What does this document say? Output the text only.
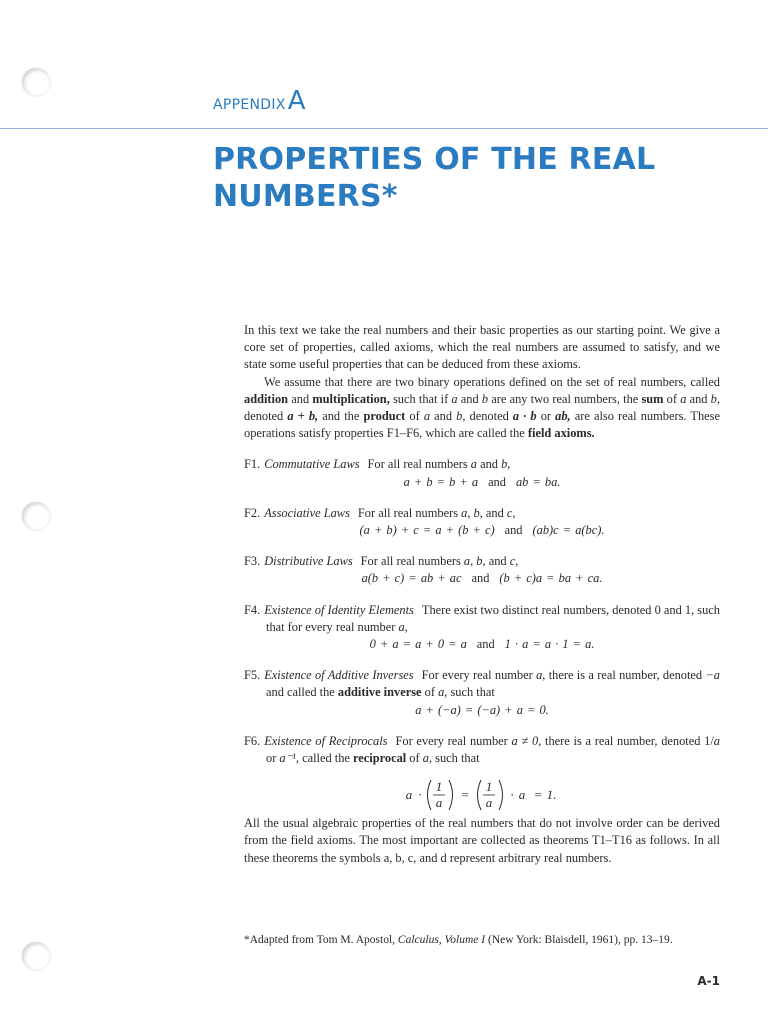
APPENDIXA
PROPERTIES OF THE REAL
NUMBERS*

In this text we take the real numbers and their basic properties as our starting point. We give a core set of properties, called axioms, which the real numbers are assumed to satisfy, and we state some useful properties that can be deduced from these axioms.

We assume that there are two binary operations defined on the set of real numbers, called addition and multiplication, such that if a and b are any two real numbers, the sum of a and b, denoted a + b, and the product of a and b, denoted a · b or ab, are also real numbers. These operations satisfy properties F1–F6, which are called the field axioms.

F1. Commutative Laws For all real numbers a and b,

a + b = b + a and ab = ba.

F2. Associative Laws For all real numbers a, b, and c,

(a + b) + c = a + (b + c) and (ab)c = a(bc).

F3. Distributive Laws For all real numbers a, b, and c,

a(b + c) = ab + ac and (b + c)a = ba + ca.

F4. Existence of Identity Elements There exist two distinct real numbers, denoted 0 and 1, such that for every real number a,

0 + a = a + 0 = a and 1 · a = a · 1 = a.

F5. Existence of Additive Inverses For every real number a, there is a real number, denoted −a and called the additive inverse of a, such that

a + (−a) = (−a) + a = 0.

F6. Existence of Reciprocals For every real number a ≠ 0, there is a real number, denoted 1/a or a⁻¹, called the reciprocal of a, such that

a ·
1
a
=
1
a
· a = 1.

All the usual algebraic properties of the real numbers that do not involve order can be derived from the field axioms. The most important are collected as theorems T1–T16 as follows. In all these theorems the symbols a, b, c, and d represent arbitrary real numbers.

*Adapted from Tom M. Apostol, Calculus, Volume I (New York: Blaisdell, 1961), pp. 13–19.
A-1
